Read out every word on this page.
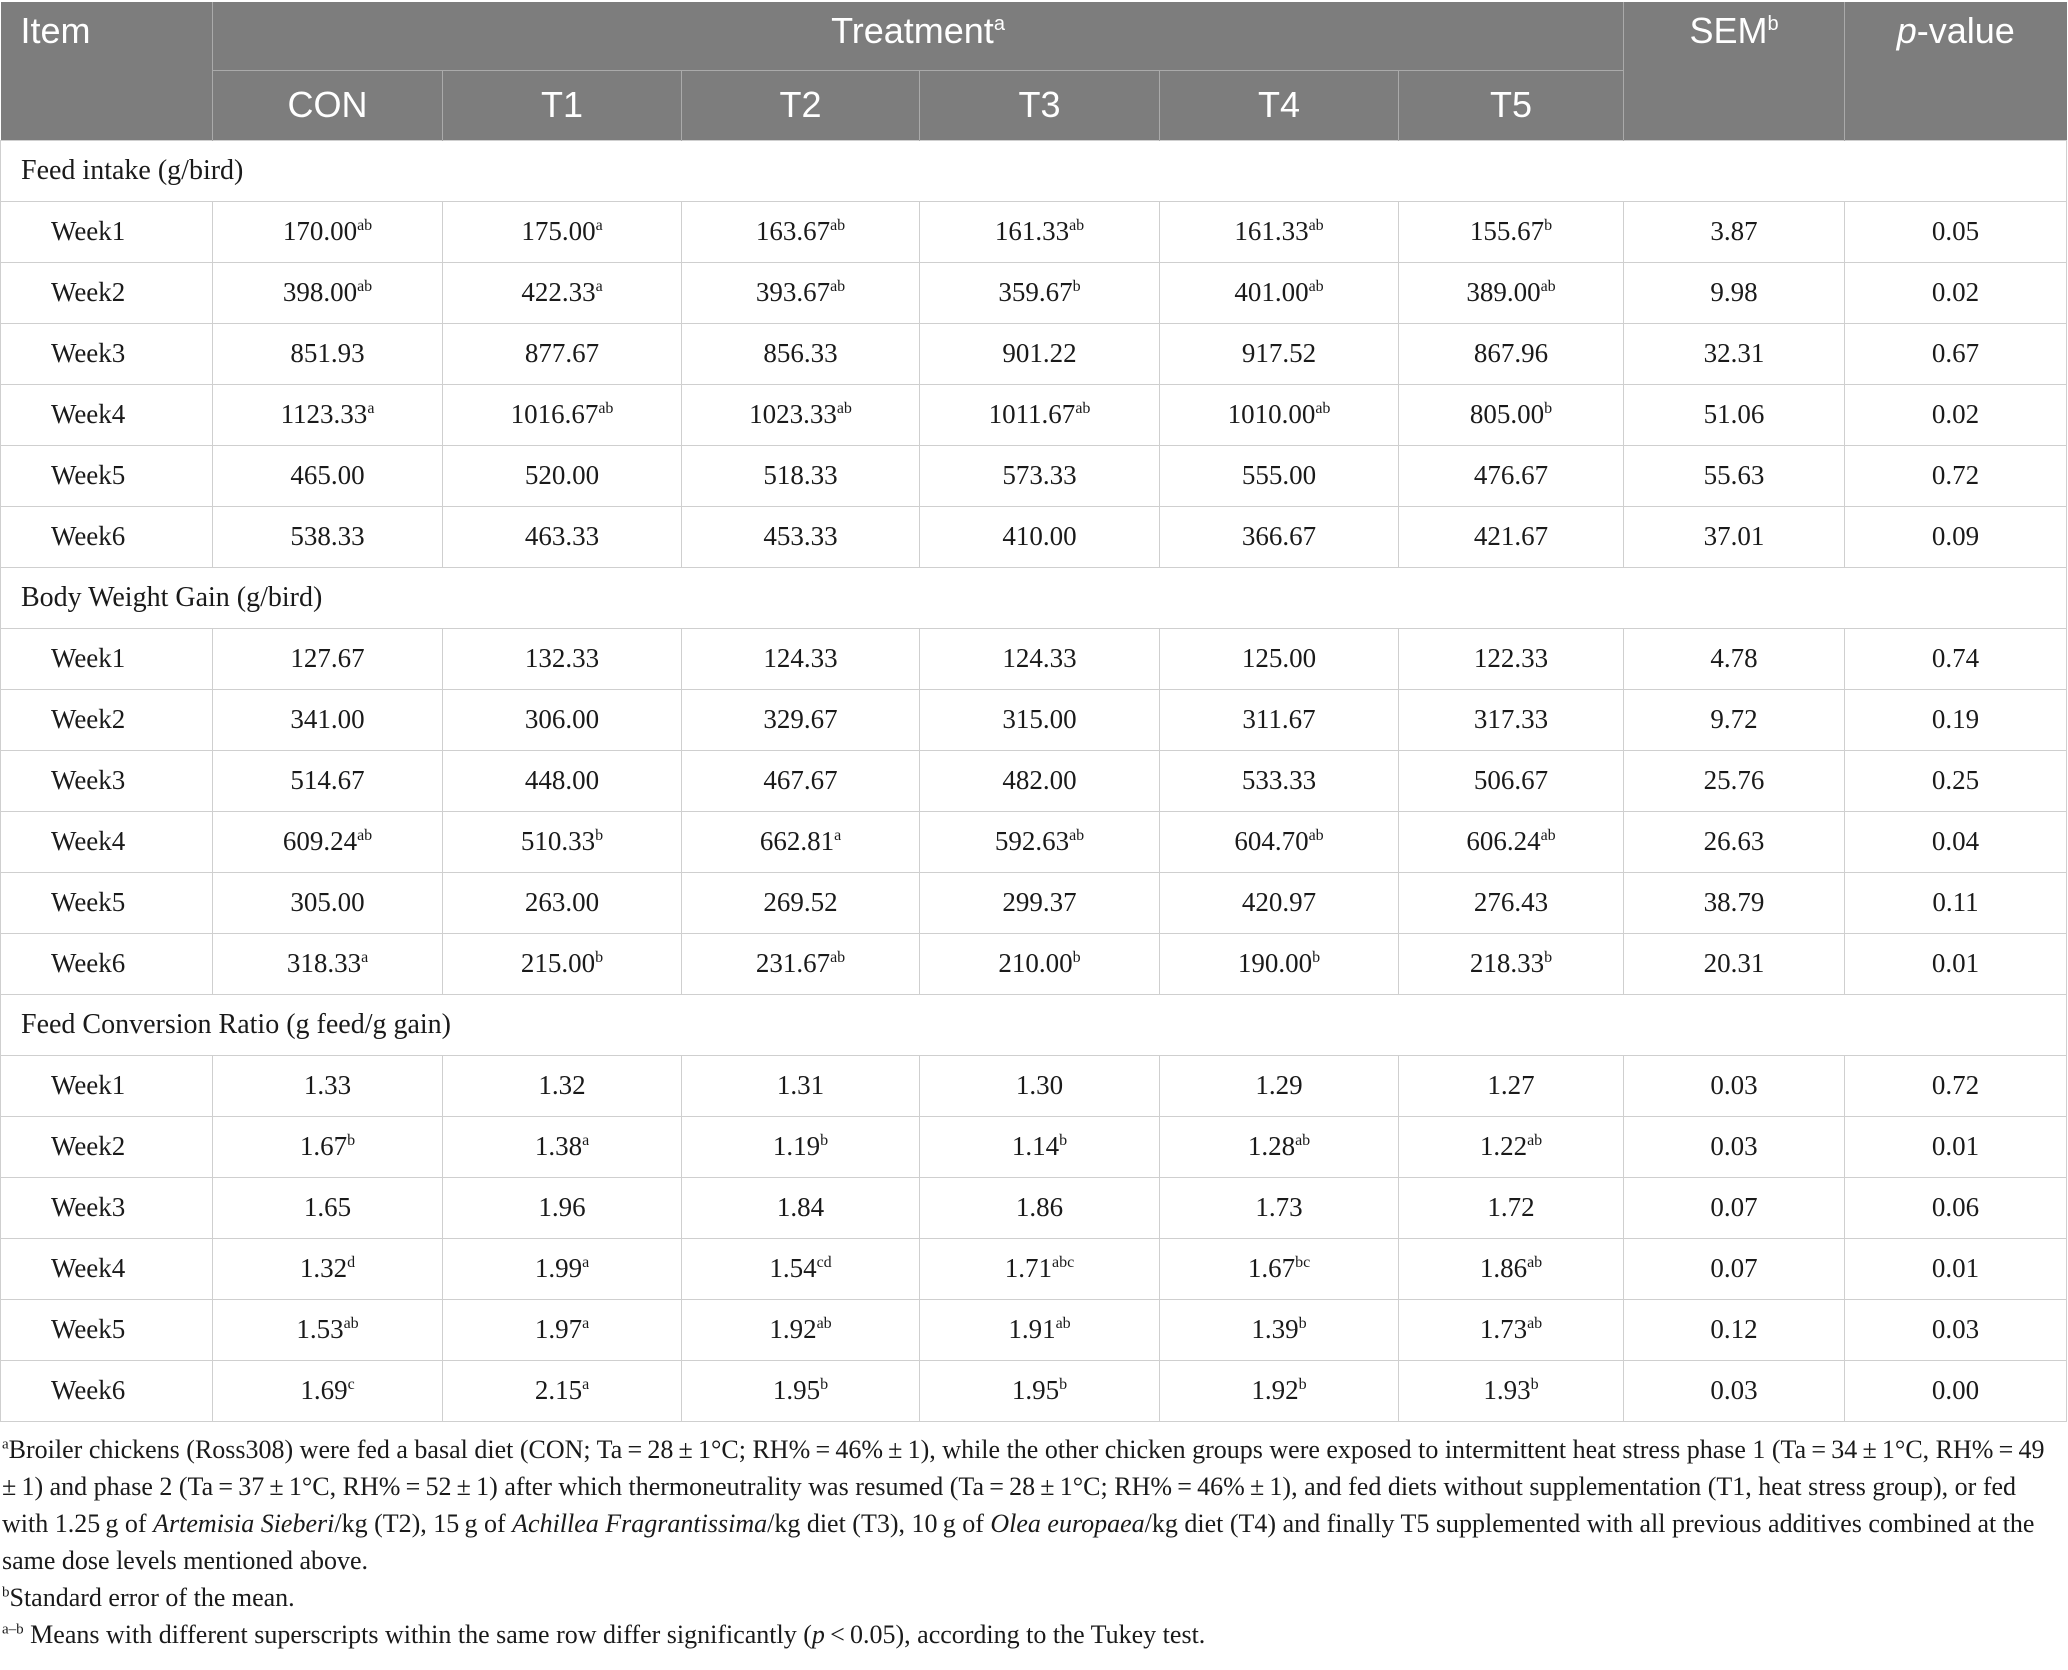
Item	Treatment$^a$						SEM$^b$	p-value
	CON	T1	T2	T3	T4	T5		
Feed intake (g/bird)								
Week1	170.00$^{ab}$	175.00$^a$	163.67$^{ab}$	161.33$^{ab}$	161.33$^{ab}$	155.67$^b$	3.87	0.05
Week2	398.00$^{ab}$	422.33$^a$	393.67$^{ab}$	359.67$^b$	401.00$^{ab}$	389.00$^{ab}$	9.98	0.02
Week3	851.93	877.67	856.33	901.22	917.52	867.96	32.31	0.67
Week4	1123.33$^a$	1016.67$^{ab}$	1023.33$^{ab}$	1011.67$^{ab}$	1010.00$^{ab}$	805.00$^b$	51.06	0.02
Week5	465.00	520.00	518.33	573.33	555.00	476.67	55.63	0.72
Week6	538.33	463.33	453.33	410.00	366.67	421.67	37.01	0.09
Body Weight Gain (g/bird)								
Week1	127.67	132.33	124.33	124.33	125.00	122.33	4.78	0.74
Week2	341.00	306.00	329.67	315.00	311.67	317.33	9.72	0.19
Week3	514.67	448.00	467.67	482.00	533.33	506.67	25.76	0.25
Week4	609.24$^{ab}$	510.33$^b$	662.81$^a$	592.63$^{ab}$	604.70$^{ab}$	606.24$^{ab}$	26.63	0.04
Week5	305.00	263.00	269.52	299.37	420.97	276.43	38.79	0.11
Week6	318.33$^a$	215.00$^b$	231.67$^{ab}$	210.00$^b$	190.00$^b$	218.33$^b$	20.31	0.01
Feed Conversion Ratio (g feed/g gain)								
Week1	1.33	1.32	1.31	1.30	1.29	1.27	0.03	0.72
Week2	1.67$^b$	1.38$^a$	1.19$^b$	1.14$^b$	1.28$^{ab}$	1.22$^{ab}$	0.03	0.01
Week3	1.65	1.96	1.84	1.86	1.73	1.72	0.07	0.06
Week4	1.32$^d$	1.99$^a$	1.54$^{cd}$	1.71$^{abc}$	1.67$^{bc}$	1.86$^{ab}$	0.07	0.01
Week5	1.53$^{ab}$	1.97$^a$	1.92$^{ab}$	1.91$^{ab}$	1.39$^b$	1.73$^{ab}$	0.12	0.03
Week6	1.69$^c$	2.15$^a$	1.95$^b$	1.95$^b$	1.92$^b$	1.93$^b$	0.03	0.00

$^a$Broiler chickens (Ross308) were fed a basal diet (CON; Ta = 28 ± 1°C; RH% = 46% ± 1), while the other chicken groups were exposed to intermittent heat stress phase 1 (Ta = 34 ± 1°C, RH% = 49 ± 1) and phase 2 (Ta = 37 ± 1°C, RH% = 52 ± 1) after which thermoneutrality was resumed (Ta = 28 ± 1°C; RH% = 46% ± 1), and fed diets without supplementation (T1, heat stress group), or fed with 1.25 g of Artemisia Sieberi/kg (T2), 15 g of Achillea Fragrantissima/kg diet (T3), 10 g of Olea europaea/kg diet (T4) and finally T5 supplemented with all previous additives combined at the same dose levels mentioned above.

$^b$Standard error of the mean.

$^{a-b}$ Means with different superscripts within the same row differ significantly (p < 0.05), according to the Tukey test.
